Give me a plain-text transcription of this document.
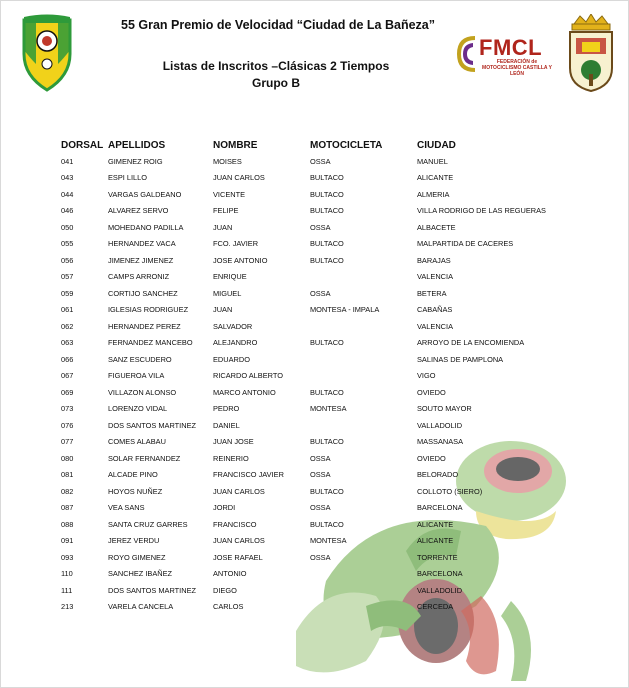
FMCL
FEDERACIÓN de MOTOCICLISMO CASTILLA Y LEÓN
55 Gran Premio de Velocidad “Ciudad de La Bañeza”
Listas de Inscritos –Clásicas 2 Tiempos
Grupo B
DORSAL	APELLIDOS	NOMBRE	MOTOCICLETA	CIUDAD
041	GIMENEZ ROIG	MOISES	OSSA	MANUEL
043	ESPI LILLO	JUAN CARLOS	BULTACO	ALICANTE
044	VARGAS GALDEANO	VICENTE	BULTACO	ALMERIA
046	ALVAREZ SERVO	FELIPE	BULTACO	VILLA RODRIGO DE LAS REGUERAS
050	MOHEDANO PADILLA	JUAN	OSSA	ALBACETE
055	HERNANDEZ VACA	FCO. JAVIER	BULTACO	MALPARTIDA DE CACERES
056	JIMENEZ JIMENEZ	JOSE ANTONIO	BULTACO	BARAJAS
057	CAMPS ARRONIZ	ENRIQUE		VALENCIA
059	CORTIJO SANCHEZ	MIGUEL	OSSA	BETERA
061	IGLESIAS RODRIGUEZ	JUAN	MONTESA - IMPALA	CABAÑAS
062	HERNANDEZ PEREZ	SALVADOR		VALENCIA
063	FERNANDEZ MANCEBO	ALEJANDRO	BULTACO	ARROYO DE LA ENCOMIENDA
066	SANZ ESCUDERO	EDUARDO		SALINAS DE PAMPLONA
067	FIGUEROA VILA	RICARDO ALBERTO		VIGO
069	VILLAZON ALONSO	MARCO ANTONIO	BULTACO	OVIEDO
073	LORENZO VIDAL	PEDRO	MONTESA	SOUTO MAYOR
076	DOS SANTOS MARTINEZ	DANIEL		VALLADOLID
077	COMES ALABAU	JUAN JOSE	BULTACO	MASSANASA
080	SOLAR FERNANDEZ	REINERIO	OSSA	OVIEDO
081	ALCADE PINO	FRANCISCO JAVIER	OSSA	BELORADO
082	HOYOS NUÑEZ	JUAN CARLOS	BULTACO	COLLOTO (SIERO)
087	VEA SANS	JORDI	OSSA	BARCELONA
088	SANTA CRUZ GARRES	FRANCISCO	BULTACO	ALICANTE
091	JEREZ VERDU	JUAN CARLOS	MONTESA	ALICANTE
093	ROYO GIMENEZ	JOSE RAFAEL	OSSA	TORRENTE
110	SANCHEZ IBAÑEZ	ANTONIO		BARCELONA
111	DOS SANTOS MARTINEZ	DIEGO		VALLADOLID
213	VARELA CANCELA	CARLOS		CERCEDA
